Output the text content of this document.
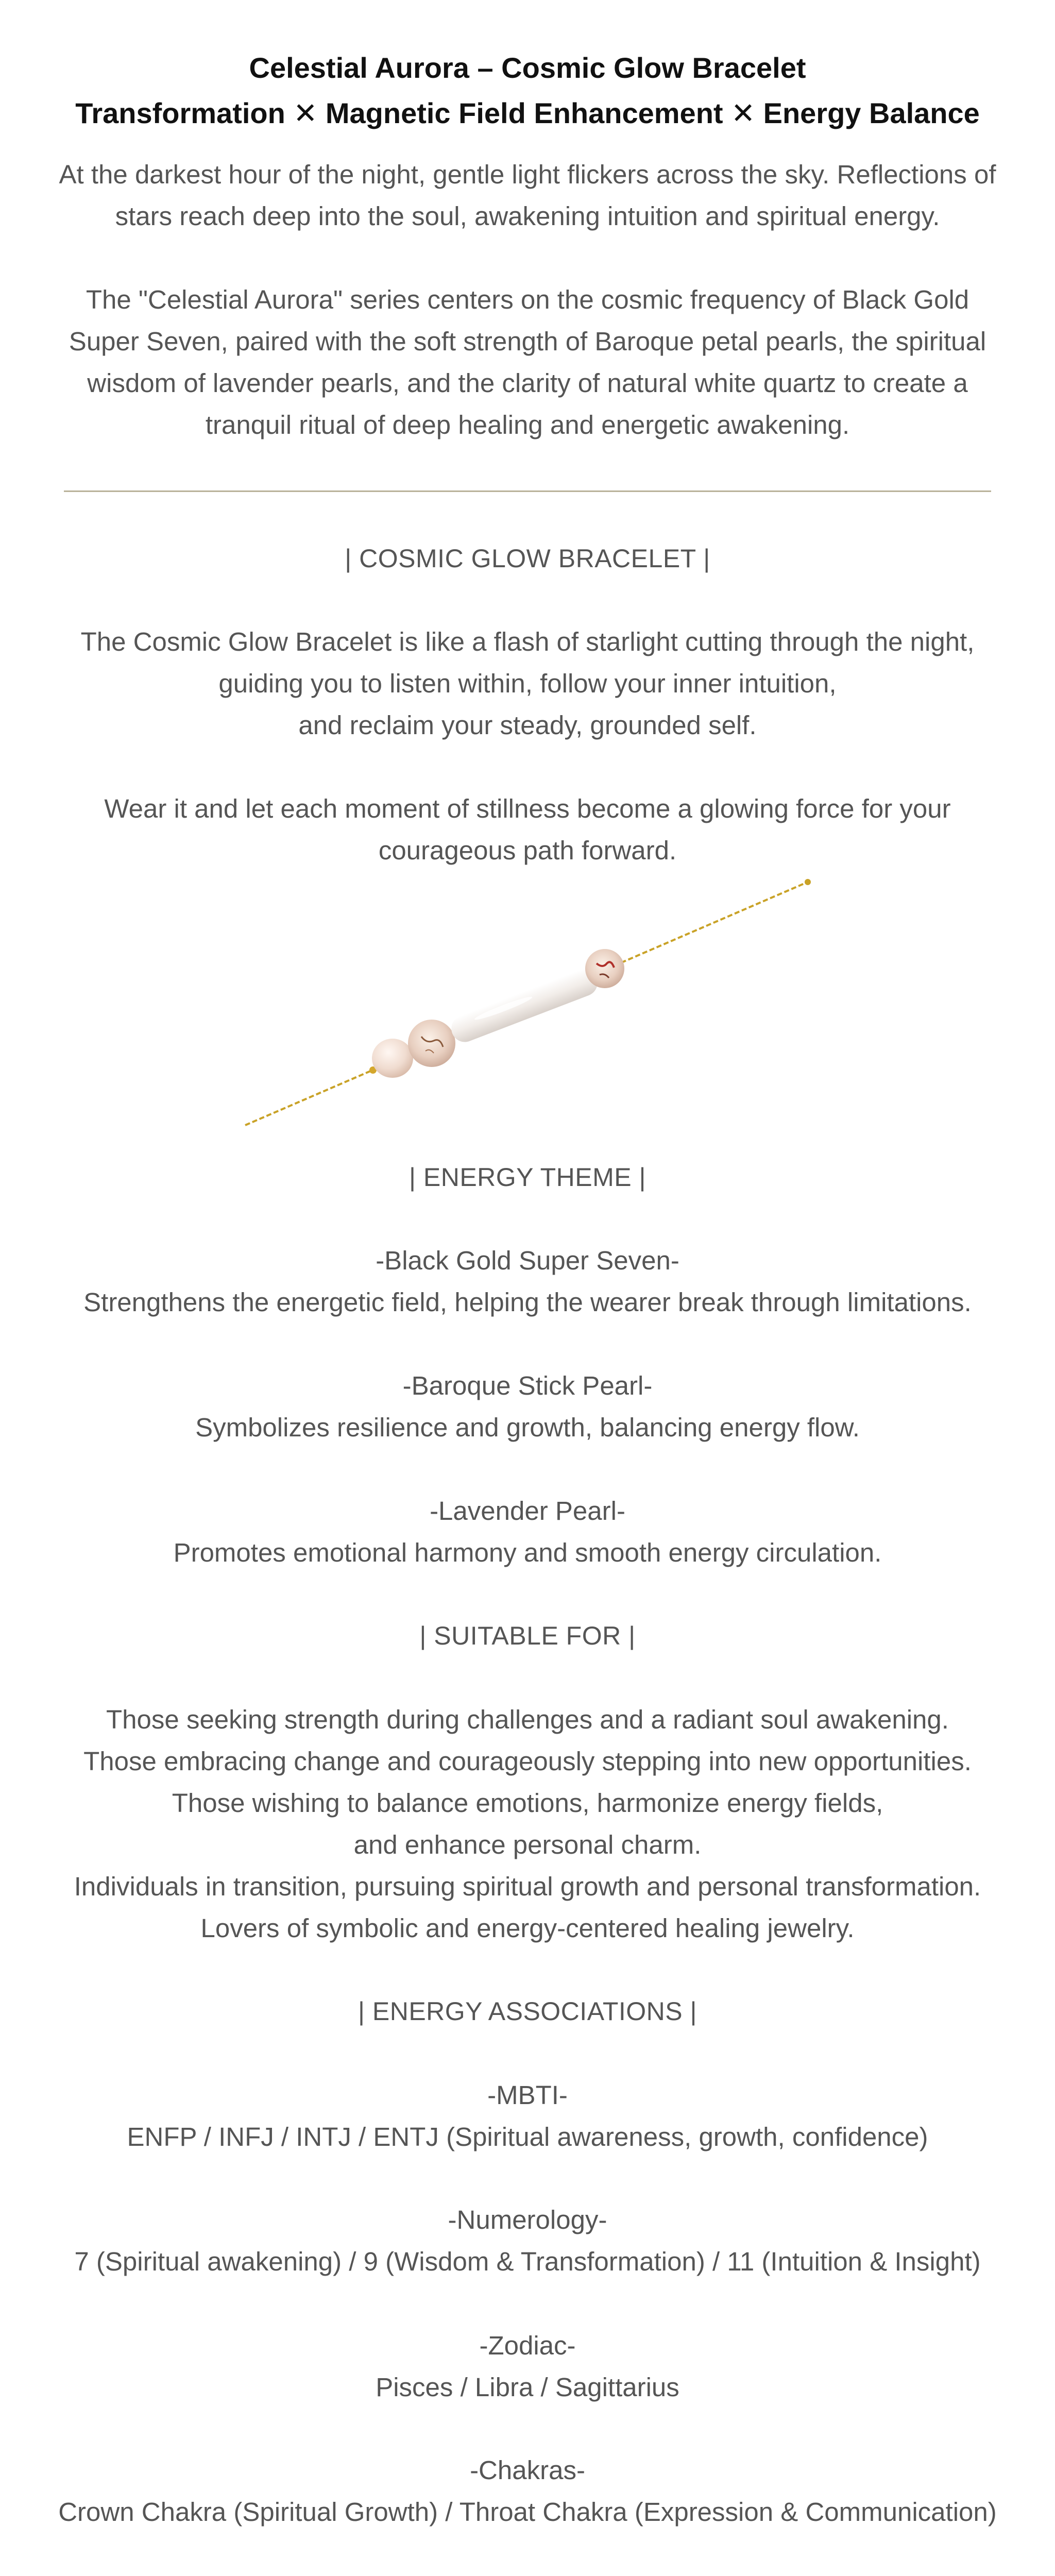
Celestial Aurora – Cosmic Glow Bracelet
Transformation ✕ Magnetic Field Enhancement ✕ Energy Balance
At the darkest hour of the night, gentle light flickers across the sky. Reflections of
stars reach deep into the soul, awakening intuition and spiritual energy.
The "Celestial Aurora" series centers on the cosmic frequency of Black Gold
Super Seven, paired with the soft strength of Baroque petal pearls, the spiritual
wisdom of lavender pearls, and the clarity of natural white quartz to create a
tranquil ritual of deep healing and energetic awakening.
| COSMIC GLOW BRACELET |
The Cosmic Glow Bracelet is like a flash of starlight cutting through the night,
guiding you to listen within, follow your inner intuition,
and reclaim your steady, grounded self.
Wear it and let each moment of stillness become a glowing force for your
courageous path forward.
| ENERGY THEME |
-Black Gold Super Seven-
Strengthens the energetic field, helping the wearer break through limitations.
-Baroque Stick Pearl-
Symbolizes resilience and growth, balancing energy flow.
-Lavender Pearl-
Promotes emotional harmony and smooth energy circulation.
| SUITABLE FOR |
Those seeking strength during challenges and a radiant soul awakening.
Those embracing change and courageously stepping into new opportunities.
Those wishing to balance emotions, harmonize energy fields,
and enhance personal charm.
Individuals in transition, pursuing spiritual growth and personal transformation.
Lovers of symbolic and energy-centered healing jewelry.
| ENERGY ASSOCIATIONS |
-MBTI-
ENFP / INFJ / INTJ / ENTJ (Spiritual awareness, growth, confidence)
-Numerology-
7 (Spiritual awakening) / 9 (Wisdom & Transformation) / 11 (Intuition & Insight)
-Zodiac-
Pisces / Libra / Sagittarius
-Chakras-
Crown Chakra (Spiritual Growth) / Throat Chakra (Expression & Communication)
